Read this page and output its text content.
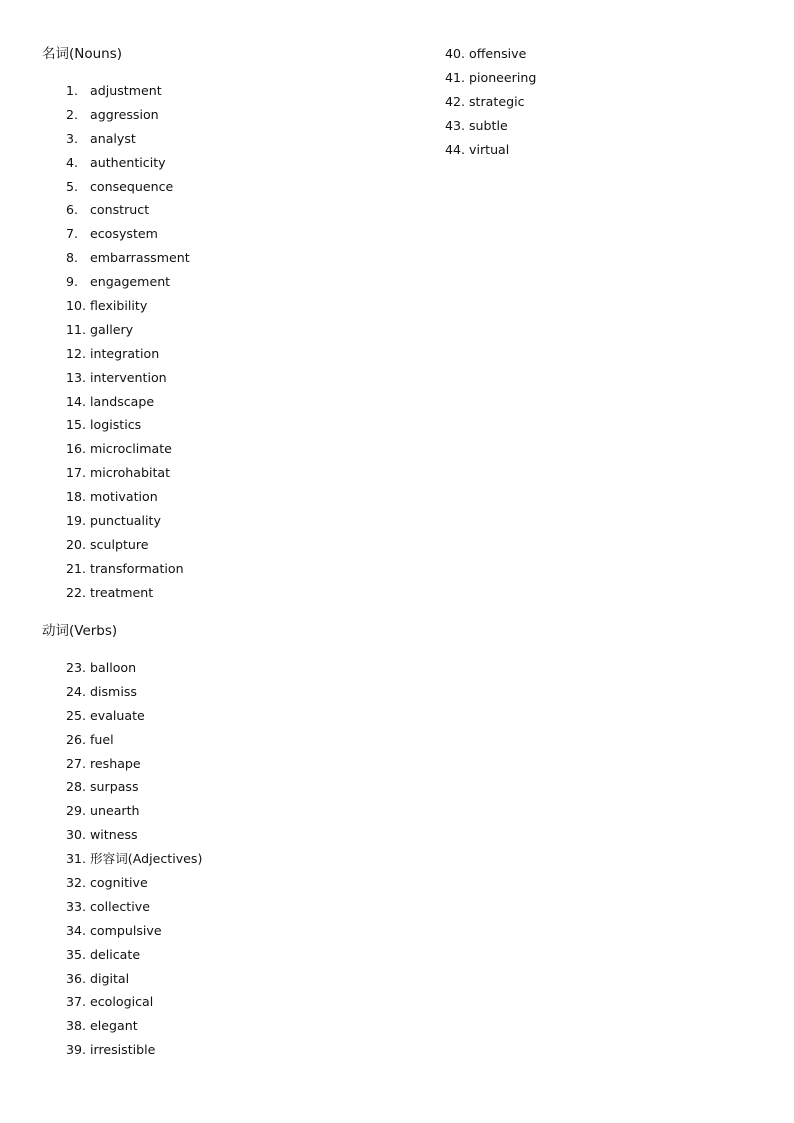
名词(Nouns)
1. adjustment
2. aggression
3. analyst
4. authenticity
5. consequence
6. construct
7. ecosystem
8. embarrassment
9. engagement
10. flexibility
11. gallery
12. integration
13. intervention
14. landscape
15. logistics
16. microclimate
17. microhabitat
18. motivation
19. punctuality
20. sculpture
21. transformation
22. treatment
动词(Verbs)
23. balloon
24. dismiss
25. evaluate
26. fuel
27. reshape
28. surpass
29. unearth
30. witness
31. 形容词(Adjectives)
32. cognitive
33. collective
34. compulsive
35. delicate
36. digital
37. ecological
38. elegant
39. irresistible
40. offensive
41. pioneering
42. strategic
43. subtle
44. virtual
